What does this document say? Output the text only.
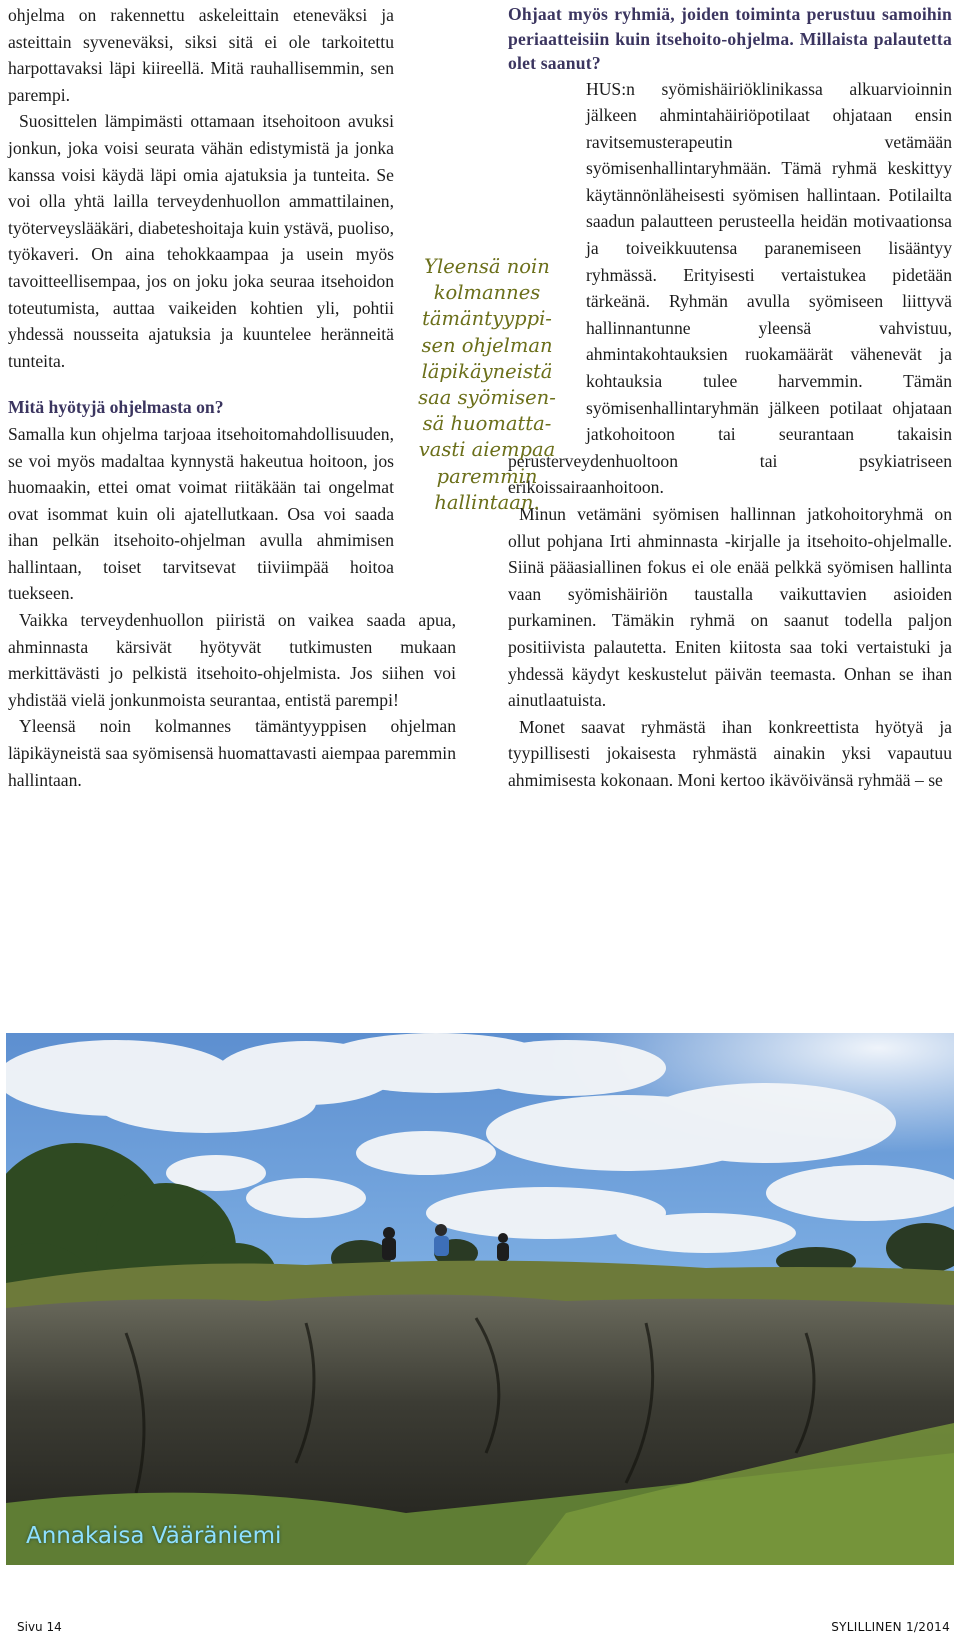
ohjelma on rakennettu askeleittain eteneväksi ja asteittain syveneväksi, siksi sitä ei ole tarkoitettu harpottavaksi läpi kiireellä. Mitä rauhallisemmin, sen parempi.

Suosittelen lämpimästi ottamaan itsehoitoon avuksi jonkun, joka voisi seurata vähän edistymistä ja jonka kanssa voisi käydä läpi omia ajatuksia ja tunteita. Se voi olla yhtä lailla terveydenhuollon ammattilainen, työterveyslääkäri, diabeteshoitaja kuin ystävä, puoliso, työkaveri. On aina tehokkaampaa ja usein myös tavoitteellisempaa, jos on joku joka seuraa itsehoidon toteutumista, auttaa vaikeiden kohtien yli, pohtii yhdessä nousseita ajatuksia ja kuuntelee heränneitä tunteita.

Mitä hyötyjä ohjelmasta on?

Samalla kun ohjelma tarjoaa itsehoitomahdollisuuden, se voi myös madaltaa kynnystä hakeutua hoitoon, jos huomaakin, ettei omat voimat riitäkään tai ongelmat ovat isommat kuin oli ajatellutkaan. Osa voi saada ihan pelkän itsehoito-ohjelman avulla ahmimisen hallintaan, toiset tarvitsevat tiiviimpää hoitoa tuekseen.

Vaikka terveydenhuollon piiristä on vaikea saada apua, ahminnasta kärsivät hyötyvät tutkimusten mukaan merkittävästi jo pelkistä itsehoito-ohjelmista. Jos siihen voi yhdistää vielä jonkunmoista seurantaa, entistä parempi!

Yleensä noin kolmannes tämäntyyppisen ohjelman läpikäyneistä saa syömisensä huomattavasti aiempaa paremmin hallintaan.

Ohjaat myös ryhmiä, joiden toiminta perustuu samoihin periaatteisiin kuin itsehoito-ohjelma. Millaista palautetta olet saanut?

HUS:n syömishäiriöklinikassa alkuarvioinnin jälkeen ahmintahäiriöpotilaat ohjataan ensin ravitsemusterapeutin vetämään syömisenhallintaryhmään. Tämä ryhmä keskittyy käytännönläheisesti syömisen hallintaan. Potilailta saadun palautteen perusteella heidän motivaationsa ja toiveikkuutensa paranemiseen lisääntyy ryhmässä. Erityisesti vertaistukea pidetään tärkeänä. Ryhmän avulla syömiseen liittyvä hallinnantunne yleensä vahvistuu, ahmintakohtauksien ruokamäärät vähenevät ja kohtauksia tulee harvemmin. Tämän syömisenhallintaryhmän jälkeen potilaat ohjataan jatkohoitoon tai seurantaan takaisin perusterveydenhuoltoon tai psykiatriseen erikoissairaanhoitoon.

Minun vetämäni syömisen hallinnan jatkohoitoryhmä on ollut pohjana Irti ahminnasta -kirjalle ja itsehoito-ohjelmalle. Siinä pääasiallinen fokus ei ole enää pelkkä syömisen hallinta vaan syömishäiriön taustalla vaikuttavien asioiden purkaminen. Tämäkin ryhmä on saanut todella paljon positiivista palautetta. Eniten kiitosta saa toki vertaistuki ja yhdessä käydyt keskustelut päivän teemasta. Onhan se ihan ainutlaatuista.

Monet saavat ryhmästä ihan konkreettista hyötyä ja tyypillisesti jokaisesta ryhmästä ainakin yksi vapautuu ahmimisesta kokonaan. Moni kertoo ikävöivänsä ryhmää – se

Yleensä noin
kolmannes
tämäntyyppi-
sen ohjelman
läpikäyneistä
saa syömisen-
sä huomatta-
vasti aiempaa
paremmin
hallintaan.
Annakaisa Vääräniemi
Sivu 14	SYLILLINEN 1/2014
